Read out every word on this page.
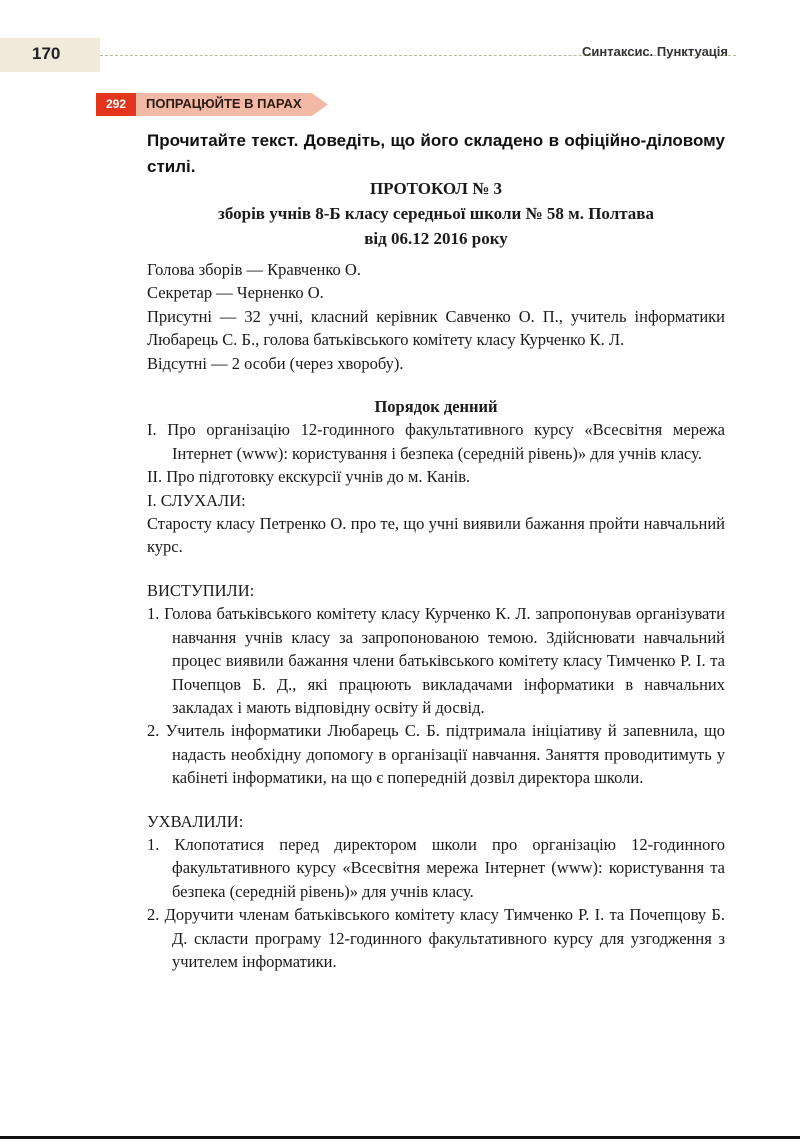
170	Синтаксис. Пунктуація
292	ПОПРАЦЮЙТЕ В ПАРАХ

Прочитайте текст. Доведіть, що його складено в офіційно-діловому стилі.

ПРОТОКОЛ № 3
зборів учнів 8-Б класу середньої школи № 58 м. Полтава
від 06.12 2016 року

Голова зборів — Кравченко О.

Секретар — Черненко О.

Присутні — 32 учні, класний керівник Савченко О. П., учитель інформатики Любарець С. Б., голова батьківського комітету класу Курченко К. Л.

Відсутні — 2 особи (через хворобу).

Порядок денний

І. Про організацію 12-годинного факультативного курсу «Всесвітня мережа Інтернет (www): користування і безпека (середній рівень)» для учнів класу.

ІІ. Про підготовку екскурсії учнів до м. Канів.

І. СЛУХАЛИ:

Старосту класу Петренко О. про те, що учні виявили бажання пройти навчальний курс.

ВИСТУПИЛИ:

1. Голова батьківського комітету класу Курченко К. Л. запропонував організувати навчання учнів класу за запропонованою темою. Здійснювати навчальний процес виявили бажання члени батьківського комітету класу Тимченко Р. І. та Почепцов Б. Д., які працюють викладачами інформатики в навчальних закладах і мають відповідну освіту й досвід.

2. Учитель інформатики Любарець С. Б. підтримала ініціативу й запевнила, що надасть необхідну допомогу в організації навчання. Заняття проводитимуть у кабінеті інформатики, на що є попередній дозвіл директора школи.

УХВАЛИЛИ:

1. Клопотатися перед директором школи про організацію 12-годинного факультативного курсу «Всесвітня мережа Інтернет (www): користування та безпека (середній рівень)» для учнів класу.

2. Доручити членам батьківського комітету класу Тимченко Р. І. та Почепцову Б. Д. скласти програму 12-годинного факультативного курсу для узгодження з учителем інформатики.
